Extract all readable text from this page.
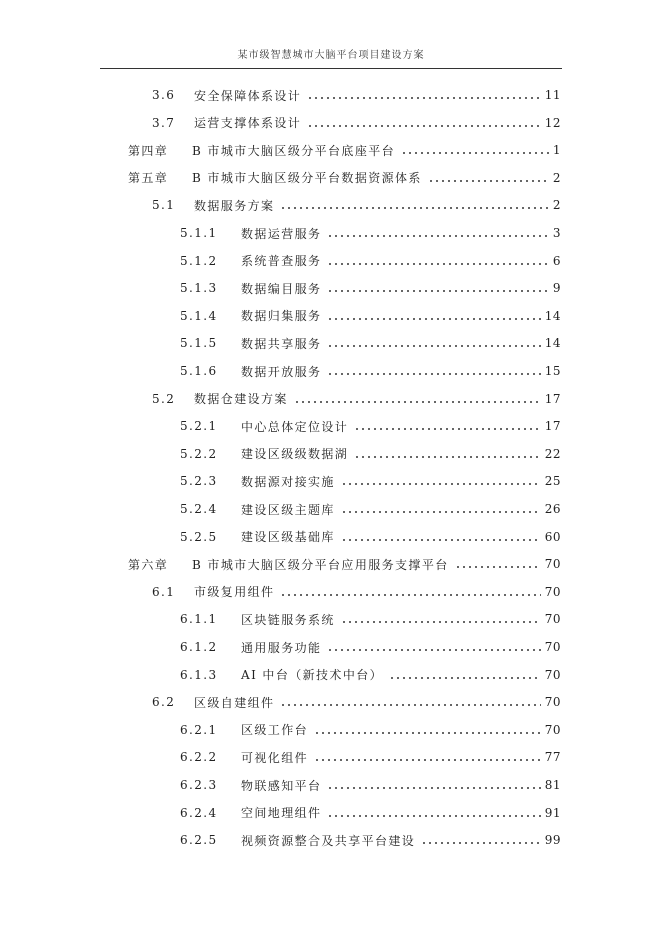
某市级智慧城市大脑平台项目建设方案
3.6	安全保障体系设计	11
3.7	运营支撑体系设计	12
第四章	B 市城市大脑区级分平台底座平台	1
第五章	B 市城市大脑区级分平台数据资源体系	2
5.1	数据服务方案	2
5.1.1	数据运营服务	3
5.1.2	系统普查服务	6
5.1.3	数据编目服务	9
5.1.4	数据归集服务	14
5.1.5	数据共享服务	14
5.1.6	数据开放服务	15
5.2	数据仓建设方案	17
5.2.1	中心总体定位设计	17
5.2.2	建设区级级数据湖	22
5.2.3	数据源对接实施	25
5.2.4	建设区级主题库	26
5.2.5	建设区级基础库	60
第六章	B 市城市大脑区级分平台应用服务支撑平台	70
6.1	市级复用组件	70
6.1.1	区块链服务系统	70
6.1.2	通用服务功能	70
6.1.3	AI 中台（新技术中台）	70
6.2	区级自建组件	70
6.2.1	区级工作台	70
6.2.2	可视化组件	77
6.2.3	物联感知平台	81
6.2.4	空间地理组件	91
6.2.5	视频资源整合及共享平台建设	99
